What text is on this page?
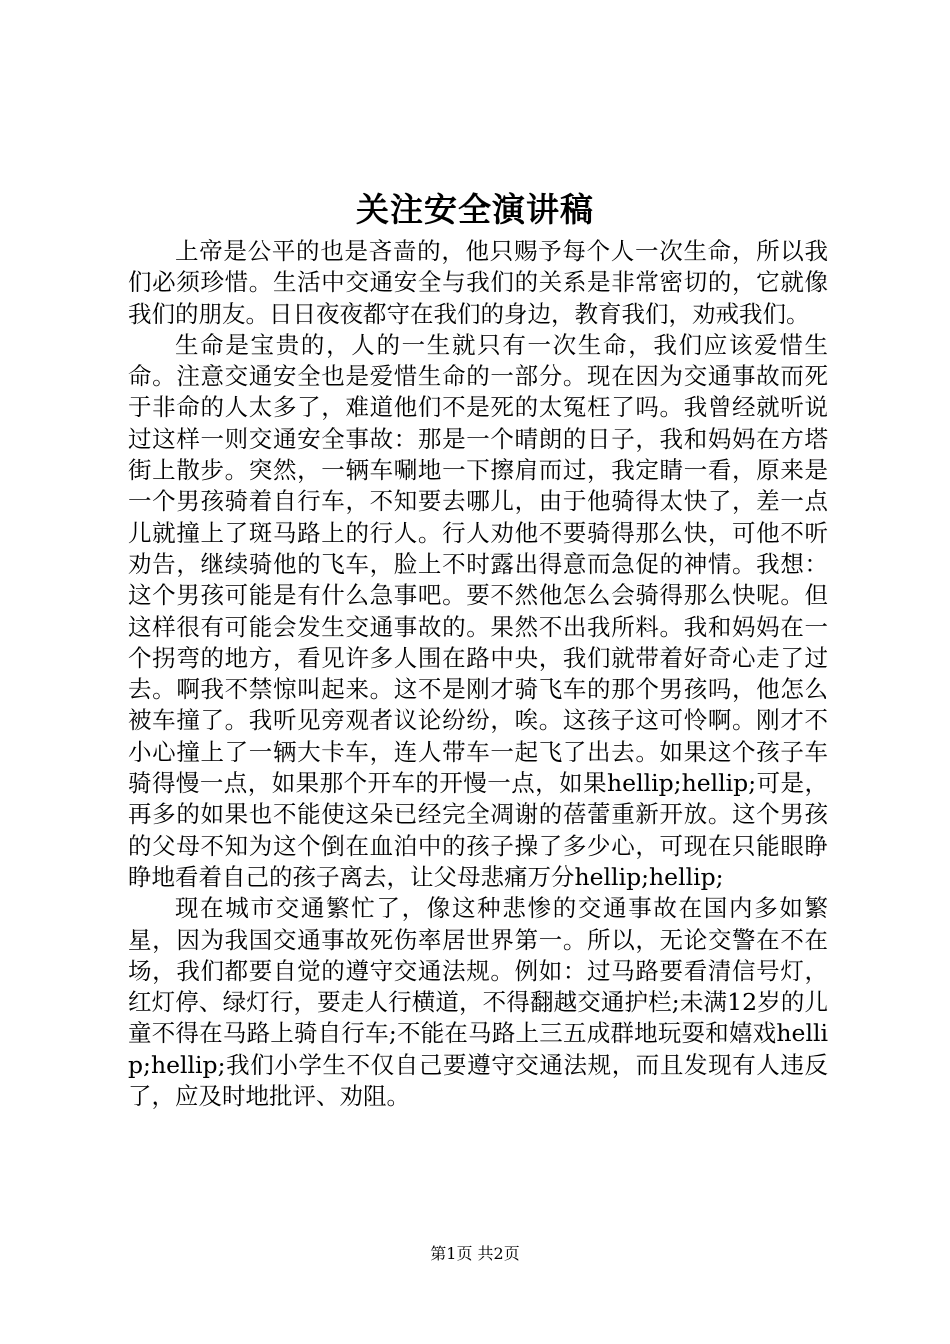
关注安全演讲稿

上帝是公平的也是吝啬的，他只赐予每个人一次生命，所以我们必须珍惜。生活中交通安全与我们的关系是非常密切的，它就像我们的朋友。日日夜夜都守在我们的身边，教育我们，劝戒我们。

生命是宝贵的，人的一生就只有一次生命，我们应该爱惜生命。注意交通安全也是爱惜生命的一部分。现在因为交通事故而死于非命的人太多了，难道他们不是死的太冤枉了吗。我曾经就听说过这样一则交通安全事故：那是一个晴朗的日子，我和妈妈在方塔街上散步。突然，一辆车唰地一下擦肩而过，我定睛一看，原来是一个男孩骑着自行车，不知要去哪儿，由于他骑得太快了，差一点儿就撞上了斑马路上的行人。行人劝他不要骑得那么快，可他不听劝告，继续骑他的飞车，脸上不时露出得意而急促的神情。我想：这个男孩可能是有什么急事吧。要不然他怎么会骑得那么快呢。但这样很有可能会发生交通事故的。果然不出我所料。我和妈妈在一个拐弯的地方，看见许多人围在路中央，我们就带着好奇心走了过去。啊我不禁惊叫起来。这不是刚才骑飞车的那个男孩吗，他怎么被车撞了。我听见旁观者议论纷纷，唉。这孩子这可怜啊。刚才不小心撞上了一辆大卡车，连人带车一起飞了出去。如果这个孩子车骑得慢一点，如果那个开车的开慢一点，如果hellip;hellip;可是，再多的如果也不能使这朵已经完全凋谢的蓓蕾重新开放。这个男孩的父母不知为这个倒在血泊中的孩子操了多少心，可现在只能眼睁睁地看着自己的孩子离去，让父母悲痛万分hellip;hellip;

现在城市交通繁忙了，像这种悲惨的交通事故在国内多如繁星，因为我国交通事故死伤率居世界第一。所以，无论交警在不在场，我们都要自觉的遵守交通法规。例如：过马路要看清信号灯，红灯停、绿灯行，要走人行横道，不得翻越交通护栏;未满12岁的儿童不得在马路上骑自行车;不能在马路上三五成群地玩耍和嬉戏hellip;hellip;我们小学生不仅自己要遵守交通法规，而且发现有人违反了，应及时地批评、劝阻。

第1页 共2页
